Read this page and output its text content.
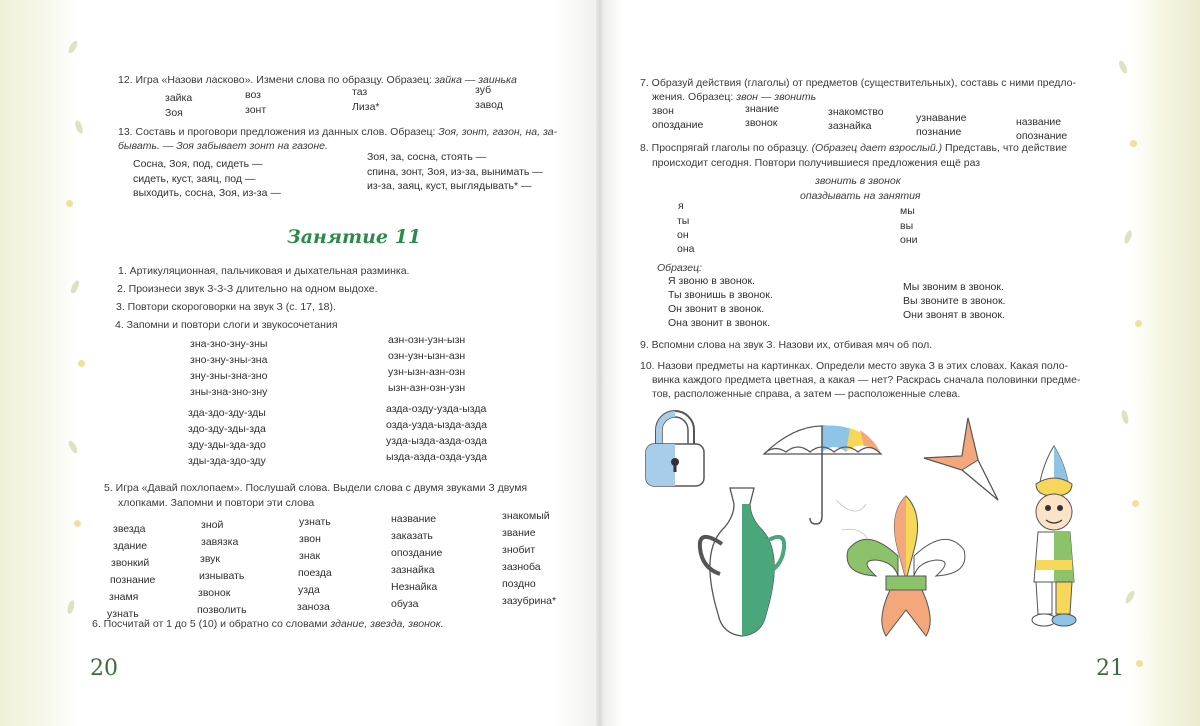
12. Игра «Назови ласково». Измени слова по образцу. Образец: зайка — заинька
зайка	воз	таз	зуб
Зоя	зонт	Лиза*	завод
13. Составь и проговори предложения из данных слов. Образец: Зоя, зонт, газон, на, за-
бывать. — Зоя забывает зонт на газоне.
Сосна, Зоя, под, сидеть —
сидеть, куст, заяц, под —
выходить, сосна, Зоя, из-за —
Зоя, за, сосна, стоять —
спина, зонт, Зоя, из-за, вынимать —
из-за, заяц, куст, выглядывать* —
Занятие 11
1. Артикуляционная, пальчиковая и дыхательная разминка.
2. Произнеси звук З-З-З длительно на одном выдохе.
3. Повтори скороговорки на звук З (с. 17, 18).
4. Запомни и повтори слоги и звукосочетания
зна-зно-зну-зны
зно-зну-зны-зна
зну-зны-зна-зно
зны-зна-зно-зну
азн-озн-узн-ызн
озн-узн-ызн-азн
узн-ызн-азн-озн
ызн-азн-озн-узн
зда-здо-зду-зды
здо-зду-зды-зда
зду-зды-зда-здо
зды-зда-здо-зду
азда-озду-узда-ызда
озда-узда-ызда-азда
узда-ызда-азда-озда
ызда-азда-озда-узда
5. Игра «Давай похлопаем». Послушай слова. Выдели слова с двумя звуками З двумя
хлопками. Запомни и повтори эти слова
звезда
здание
звонкий
познание
знамя
узнать
зной
завязка
звук
изнывать
звонок
позволить
узнать
звон
знак
поезда
узда
заноза
название
заказать
опоздание
зазнайка
Незнайка
обуза
знакомый
звание
знобит
зазноба
поздно
зазубрина*
6. Посчитай от 1 до 5 (10) и обратно со словами здание, звезда, звонок.
20
7. Образуй действия (глаголы) от предметов (существительных), составь с ними предло-
жения. Образец: звон — звонить
звон	знание	знакомство	узнавание	название
опоздание	звонок	зазнайка	познание	опознание
8. Проспрягай глаголы по образцу. (Образец дает взрослый.) Представь, что действие
происходит сегодня. Повтори получившиеся предложения ещё раз
звонить в звонок
опаздывать на занятия
я
ты
он
она
мы
вы
они
Образец:
Я звоню в звонок.
Ты звонишь в звонок.
Он звонит в звонок.
Она звонит в звонок.
Мы звоним в звонок.
Вы звоните в звонок.
Они звонят в звонок.
9. Вспомни слова на звук З. Назови их, отбивая мяч об пол.
10. Назови предметы на картинках. Определи место звука З в этих словах. Какая поло-
винка каждого предмета цветная, а какая — нет? Раскрась сначала половинки предме-
тов, расположенные справа, а затем — расположенные слева.
21
